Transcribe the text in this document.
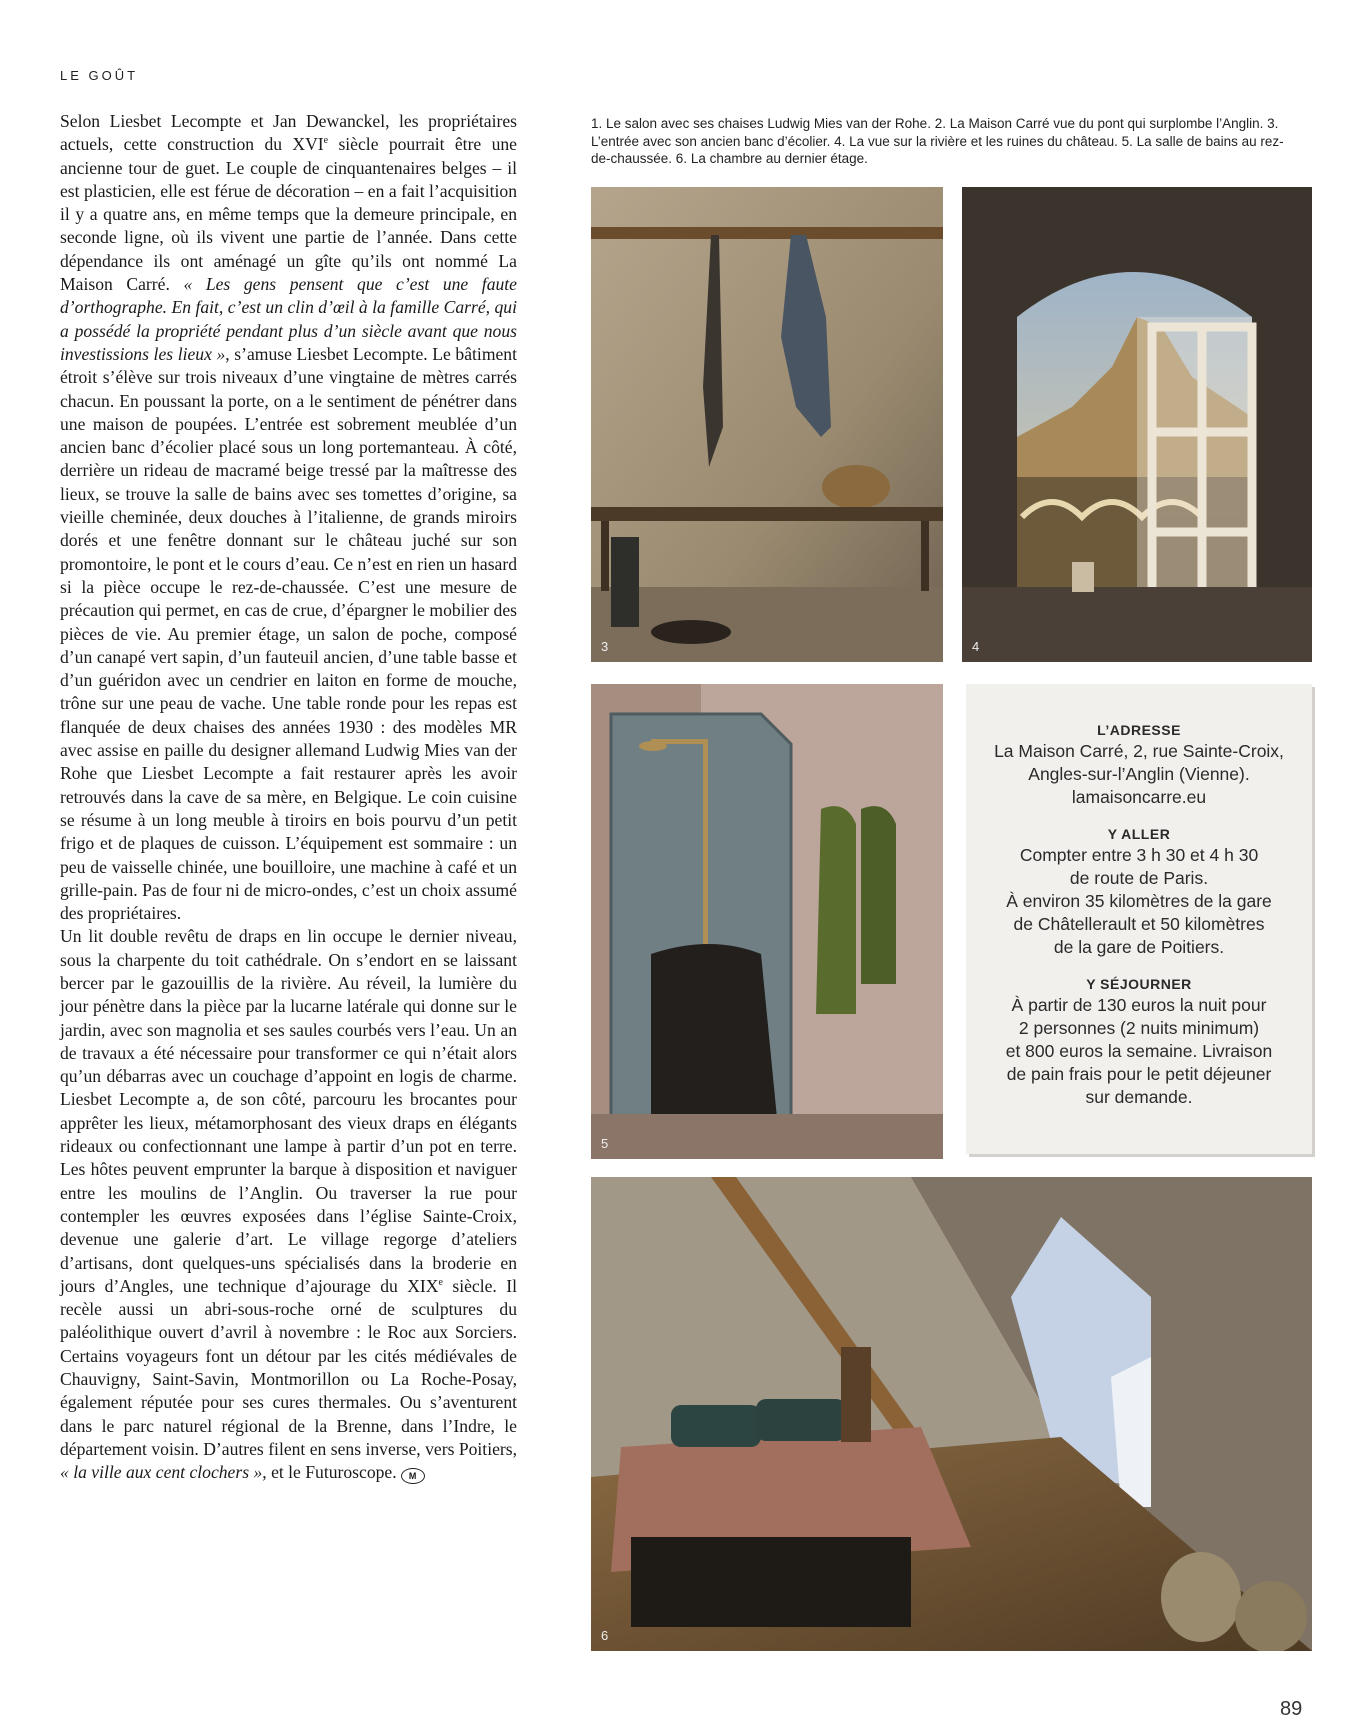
LE GOÛT

Selon Liesbet Lecompte et Jan Dewanckel, les propriétaires actuels, cette construction du XVIe siècle pourrait être une ancienne tour de guet. Le couple de cinquantenaires belges – il est plasticien, elle est férue de décoration – en a fait l’acquisition il y a quatre ans, en même temps que la demeure principale, en seconde ligne, où ils vivent une partie de l’année. Dans cette dépendance ils ont aménagé un gîte qu’ils ont nommé La Maison Carré. « Les gens pensent que c’est une faute d’orthographe. En fait, c’est un clin d’œil à la famille Carré, qui a possédé la propriété pendant plus d’un siècle avant que nous investissions les lieux », s’amuse Liesbet Lecompte. Le bâtiment étroit s’élève sur trois niveaux d’une vingtaine de mètres carrés chacun. En poussant la porte, on a le sentiment de pénétrer dans une maison de poupées. L’entrée est sobrement meublée d’un ancien banc d’écolier placé sous un long portemanteau. À côté, derrière un rideau de macramé beige tressé par la maîtresse des lieux, se trouve la salle de bains avec ses tomettes d’origine, sa vieille cheminée, deux douches à l’italienne, de grands miroirs dorés et une fenêtre donnant sur le château juché sur son promontoire, le pont et le cours d’eau. Ce n’est en rien un hasard si la pièce occupe le rez-de-chaussée. C’est une mesure de précaution qui permet, en cas de crue, d’épargner le mobilier des pièces de vie. Au premier étage, un salon de poche, composé d’un canapé vert sapin, d’un fauteuil ancien, d’une table basse et d’un guéridon avec un cendrier en laiton en forme de mouche, trône sur une peau de vache. Une table ronde pour les repas est flanquée de deux chaises des années 1930 : des modèles MR avec assise en paille du designer allemand Ludwig Mies van der Rohe que Liesbet Lecompte a fait restaurer après les avoir retrouvés dans la cave de sa mère, en Belgique. Le coin cuisine se résume à un long meuble à tiroirs en bois pourvu d’un petit frigo et de plaques de cuisson. L’équipement est sommaire : un peu de vaisselle chinée, une bouilloire, une machine à café et un grille-pain. Pas de four ni de micro-ondes, c’est un choix assumé des propriétaires.

Un lit double revêtu de draps en lin occupe le dernier niveau, sous la charpente du toit cathédrale. On s’endort en se laissant bercer par le gazouillis de la rivière. Au réveil, la lumière du jour pénètre dans la pièce par la lucarne latérale qui donne sur le jardin, avec son magnolia et ses saules courbés vers l’eau. Un an de travaux a été nécessaire pour transformer ce qui n’était alors qu’un débarras avec un couchage d’appoint en logis de charme. Liesbet Lecompte a, de son côté, parcouru les brocantes pour apprêter les lieux, métamorphosant des vieux draps en élégants rideaux ou confectionnant une lampe à partir d’un pot en terre. Les hôtes peuvent emprunter la barque à disposition et naviguer entre les moulins de l’Anglin. Ou traverser la rue pour contempler les œuvres exposées dans l’église Sainte-Croix, devenue une galerie d’art. Le village regorge d’ateliers d’artisans, dont quelques-uns spécialisés dans la broderie en jours d’Angles, une technique d’ajourage du XIXe siècle. Il recèle aussi un abri-sous-roche orné de sculptures du paléolithique ouvert d’avril à novembre : le Roc aux Sorciers. Certains voyageurs font un détour par les cités médiévales de Chauvigny, Saint-Savin, Montmorillon ou La Roche-Posay, également réputée pour ses cures thermales. Ou s’aventurent dans le parc naturel régional de la Brenne, dans l’Indre, le département voisin. D’autres filent en sens inverse, vers Poitiers, « la ville aux cent clochers », et le Futuroscope. M

1. Le salon avec ses chaises Ludwig Mies van der Rohe. 2. La Maison Carré vue du pont qui surplombe l’Anglin. 3. L’entrée avec son ancien banc d’écolier. 4. La vue sur la rivière et les ruines du château. 5. La salle de bains au rez-de-chaussée. 6. La chambre au dernier étage.
3	4
5
L’ADRESSE
La Maison Carré, 2, rue Sainte-Croix,
Angles-sur-l’Anglin (Vienne).
lamaisoncarre.eu
Y ALLER
Compter entre 3 h 30 et 4 h 30
de route de Paris.
À environ 35 kilomètres de la gare
de Châtellerault et 50 kilomètres
de la gare de Poitiers.
Y SÉJOURNER
À partir de 130 euros la nuit pour
2 personnes (2 nuits minimum)
et 800 euros la semaine. Livraison
de pain frais pour le petit déjeuner
sur demande.
6
89
